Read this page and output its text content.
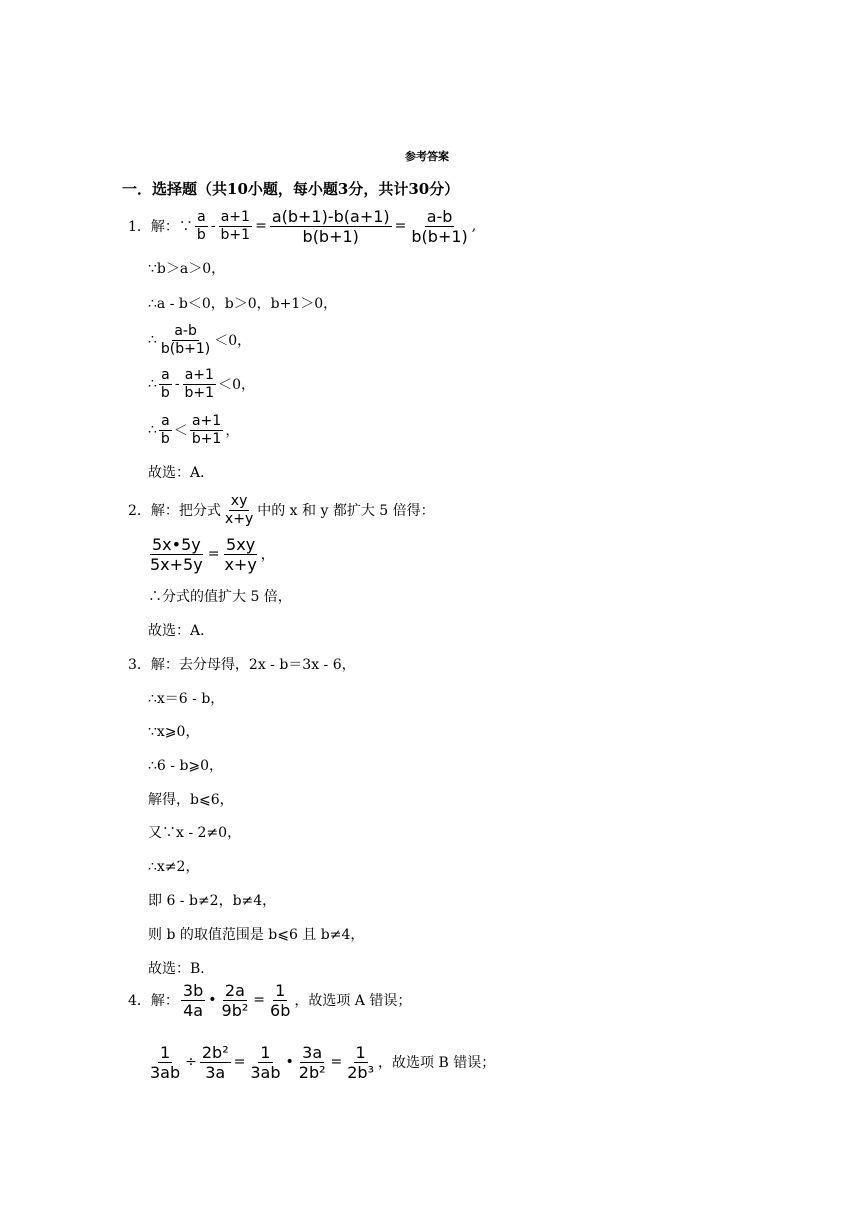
参考答案
一．选择题（共10小题，每小题3分，共计30分）
1．解：∵ $\frac{a}{b} - \frac{a+1}{b+1} = \frac{a(b+1)-b(a+1)}{b(b+1)} = \frac{a-b}{b(b+1)}$ ,
∵b＞a＞0，
∴a - b＜0，b＞0，b+1＞0，
∴ $\frac{a-b}{b(b+1)} <0$，
∴ $\frac{a}{b} - \frac{a+1}{b+1} <0$，
∴ $\frac{a}{b} < \frac{a+1}{b+1}$ ，
故选：A．
2．解：把分式 $\frac{xy}{x+y}$ 中的 x 和 y 都扩大 5 倍得：
$\frac{5x•5y}{5x+5y} = \frac{5xy}{x+y}$ ，
∴分式的值扩大 5 倍，
故选：A．
3．解：去分母得，2x - b＝3x - 6，
∴x＝6 - b，
∵x⩾0，
∴6 - b⩾0，
解得，b⩽6，
又∵x - 2≠0，
∴x≠2，
即 6 - b≠2，b≠4，
则 b 的取值范围是 b⩽6 且 b≠4，
故选：B．
4．解： $\frac{3b}{4a}$ • $\frac{2a}{\text{9b²}} = \frac{1}{6b}$ ，故选项 A 错误；
$\frac{1}{3ab} \div \frac{\text{2b²}}{3a} = \frac{1}{3ab}$ • $\frac{3a}{\text{2b²}} = \frac{1}{\text{2b³}}$ ，故选项 B 错误；
